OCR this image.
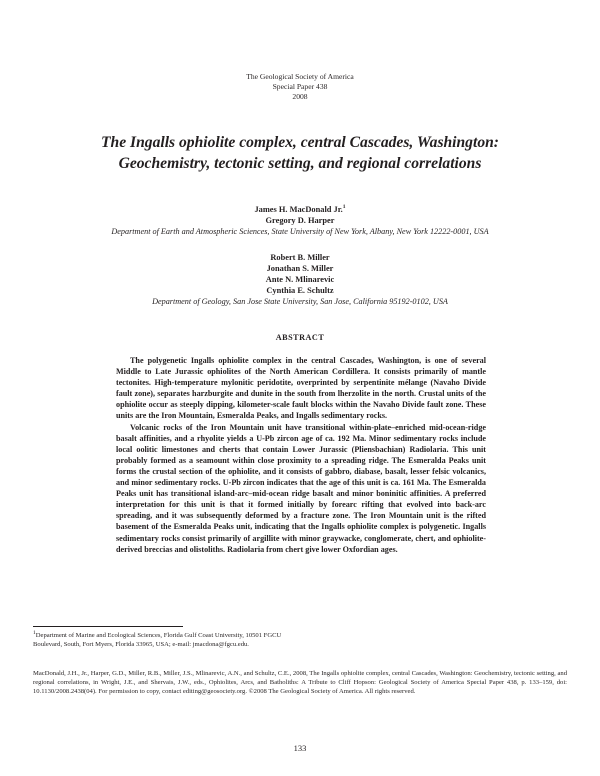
The Geological Society of America
Special Paper 438
2008
The Ingalls ophiolite complex, central Cascades, Washington:
Geochemistry, tectonic setting, and regional correlations
James H. MacDonald Jr.$^1$
Gregory D. Harper
Department of Earth and Atmospheric Sciences, State University of New York, Albany, New York 12222-0001, USA
Robert B. Miller
Jonathan S. Miller
Ante N. Mlinarevic
Cynthia E. Schultz
Department of Geology, San Jose State University, San Jose, California 95192-0102, USA
ABSTRACT

The polygenetic Ingalls ophiolite complex in the central Cascades, Washington, is one of several Middle to Late Jurassic ophiolites of the North American Cordillera. It consists primarily of mantle tectonites. High-temperature mylonitic peridotite, overprinted by serpentinite mélange (Navaho Divide fault zone), separates harzburgite and dunite in the south from lherzolite in the north. Crustal units of the ophiolite occur as steeply dipping, kilometer-scale fault blocks within the Navaho Divide fault zone. These units are the Iron Mountain, Esmeralda Peaks, and Ingalls sedimentary rocks.

Volcanic rocks of the Iron Mountain unit have transitional within-plate–enriched mid-ocean-ridge basalt affinities, and a rhyolite yields a U-Pb zircon age of ca. 192 Ma. Minor sedimentary rocks include local oolitic limestones and cherts that contain Lower Jurassic (Pliensbachian) Radiolaria. This unit probably formed as a seamount within close proximity to a spreading ridge. The Esmeralda Peaks unit forms the crustal section of the ophiolite, and it consists of gabbro, diabase, basalt, lesser felsic volcanics, and minor sedimentary rocks. U-Pb zircon indicates that the age of this unit is ca. 161 Ma. The Esmeralda Peaks unit has transitional island-arc–mid-ocean ridge basalt and minor boninitic affinities. A preferred interpretation for this unit is that it formed initially by forearc rifting that evolved into back-arc spreading, and it was subsequently deformed by a fracture zone. The Iron Mountain unit is the rifted basement of the Esmeralda Peaks unit, indicating that the Ingalls ophiolite complex is polygenetic. Ingalls sedimentary rocks consist primarily of argillite with minor graywacke, conglomerate, chert, and ophiolite-derived breccias and olistoliths. Radiolaria from chert give lower Oxfordian ages.

$^1$Department of Marine and Ecological Sciences, Florida Gulf Coast University, 10501 FGCU Boulevard, South, Fort Myers, Florida 33965, USA; e-mail: jmacdona@fgcu.edu.

MacDonald, J.H., Jr., Harper, G.D., Miller, R.B., Miller, J.S., Mlinarevic, A.N., and Schultz, C.E., 2008, The Ingalls ophiolite complex, central Cascades, Washington: Geochemistry, tectonic setting, and regional correlations, in Wright, J.E., and Shervais, J.W., eds., Ophiolites, Arcs, and Batholiths: A Tribute to Cliff Hopson: Geological Society of America Special Paper 438, p. 133–159, doi: 10.1130/2008.2438(04). For permission to copy, contact editing@geosociety.org. ©2008 The Geological Society of America. All rights reserved.

133
